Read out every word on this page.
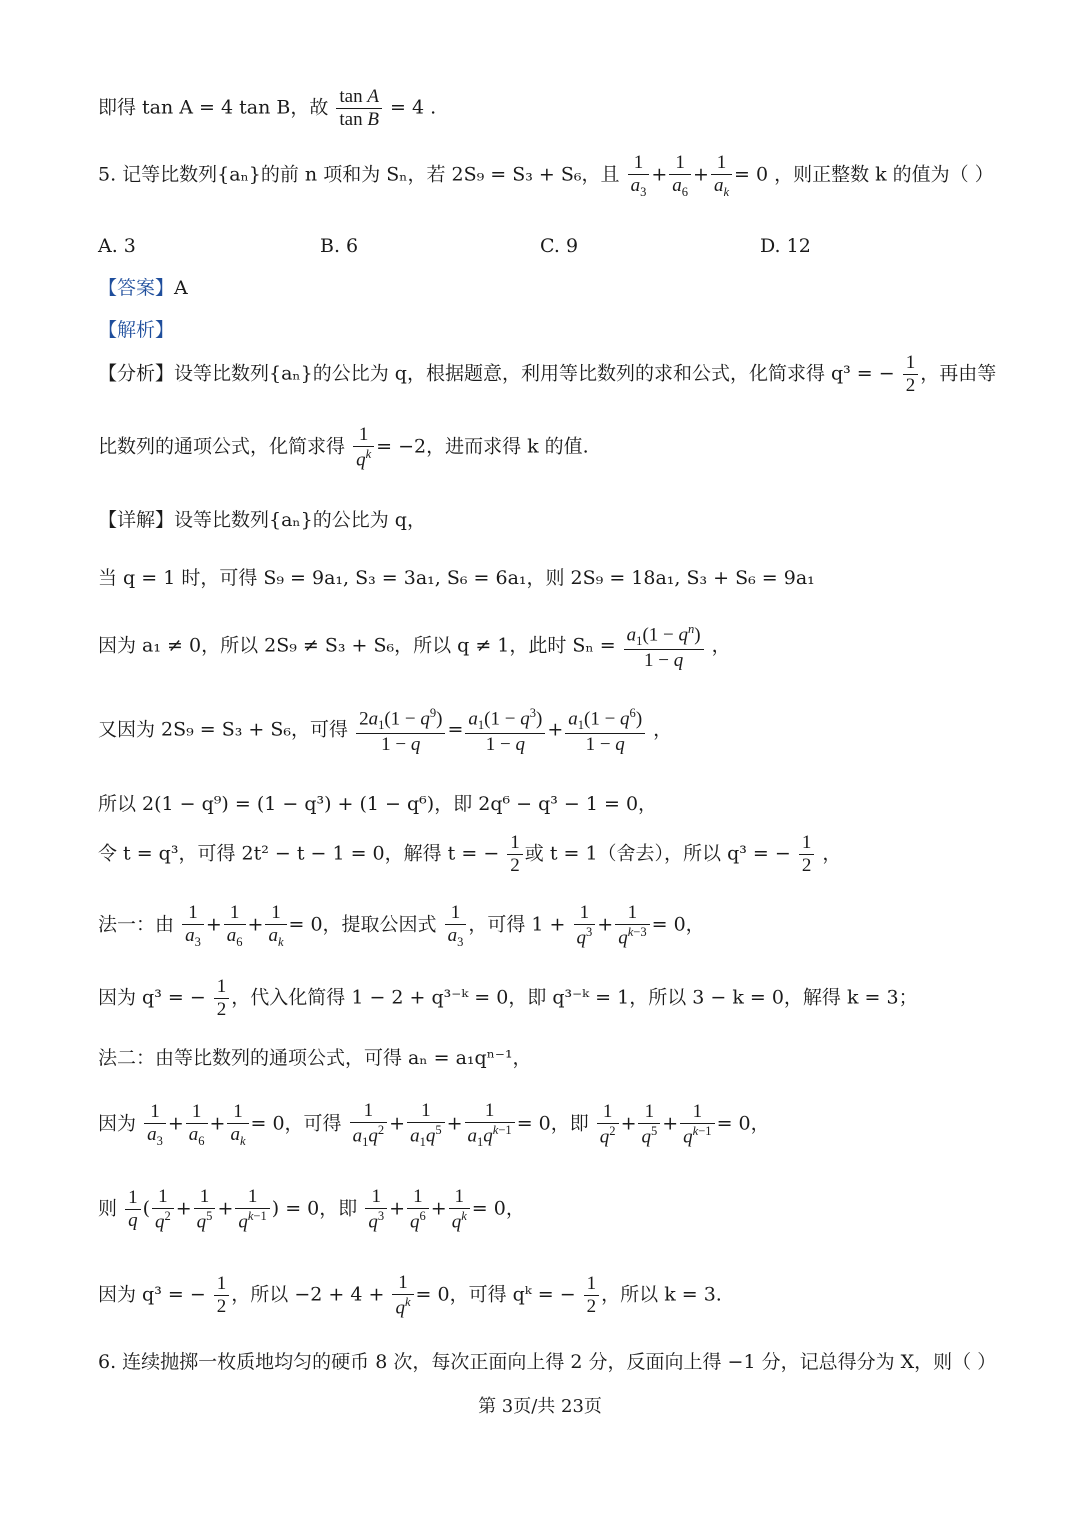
即得 tan A = 4 tan B，故 $\frac{\text{tan A}}{\text{tan B}} = 4$ .
5. 记等比数列{aₙ}的前 n 项和为 Sₙ，若 2S₉ = S₃ + S₆，且 $\frac{1}{a_3} + \frac{1}{a_6} + \frac{1}{a_k} = 0$ ，则正整数 k 的值为（ ）
A. 3	B. 6	C. 9	D. 12
【答案】A
【解析】
【分析】设等比数列{aₙ}的公比为 q，根据题意，利用等比数列的求和公式，化简求得 q³ = − $\frac{1}{2}$ ，再由等
比数列的通项公式，化简求得 $\frac{1}{q^k} = -2$，进而求得 k 的值.
【详解】设等比数列{aₙ}的公比为 q，
当 q = 1 时，可得 S₉ = 9a₁, S₃ = 3a₁, S₆ = 6a₁，则 2S₉ = 18a₁, S₃ + S₆ = 9a₁
因为 a₁ ≠ 0，所以 2S₉ ≠ S₃ + S₆，所以 q ≠ 1，此时 $S_n = \frac{a_1(1 - q^n)}{1 - q}$ ，
又因为 2S₉ = S₃ + S₆，可得 $\frac{2a_1(1 - q^9)}{1 - q} = \frac{a_1(1 - q^3)}{1 - q} + \frac{a_1(1 - q^6)}{1 - q}$ ，
所以 2(1 − q⁹) = (1 − q³) + (1 − q⁶)，即 2q⁶ − q³ − 1 = 0，
令 t = q³，可得 2t² − t − 1 = 0，解得 t = − $\frac{1}{2}$ 或 t = 1（舍去），所以 q³ = − $\frac{1}{2}$ ，
法一：由 $\frac{1}{a_3} + \frac{1}{a_6} + \frac{1}{a_k} = 0$，提取公因式 $\frac{1}{a_3}$ ，可得 $1 + \frac{1}{q^3} + \frac{1}{q^{k-3}} = 0$，
因为 q³ = − $\frac{1}{2}$ ，代入化简得 1 − 2 + q³⁻ᵏ = 0，即 q³⁻ᵏ = 1，所以 3 − k = 0，解得 k = 3；
法二：由等比数列的通项公式，可得 aₙ = a₁qⁿ⁻¹，
因为 $\frac{1}{a_3} + \frac{1}{a_6} + \frac{1}{a_k} = 0$，可得 $\frac{1}{a_1q^2} + \frac{1}{a_1q^5} + \frac{1}{a_1q^{k-1}} = 0$，即 $\frac{1}{q^2} + \frac{1}{q^5} + \frac{1}{q^{k-1}} = 0$，
则 $\frac{1}{q}$ ( $\frac{1}{q^2} + \frac{1}{q^5} + \frac{1}{q^{k-1}}$ ) = 0，即 $\frac{1}{q^3} + \frac{1}{q^6} + \frac{1}{q^k} = 0$，
因为 q³ = − $\frac{1}{2}$ ，所以 $-2 + 4 + \frac{1}{q^k} = 0$，可得 qᵏ = − $\frac{1}{2}$ ，所以 k = 3.
6. 连续抛掷一枚质地均匀的硬币 8 次，每次正面向上得 2 分，反面向上得 −1 分，记总得分为 X，则（ ）
第 3页/共 23页
